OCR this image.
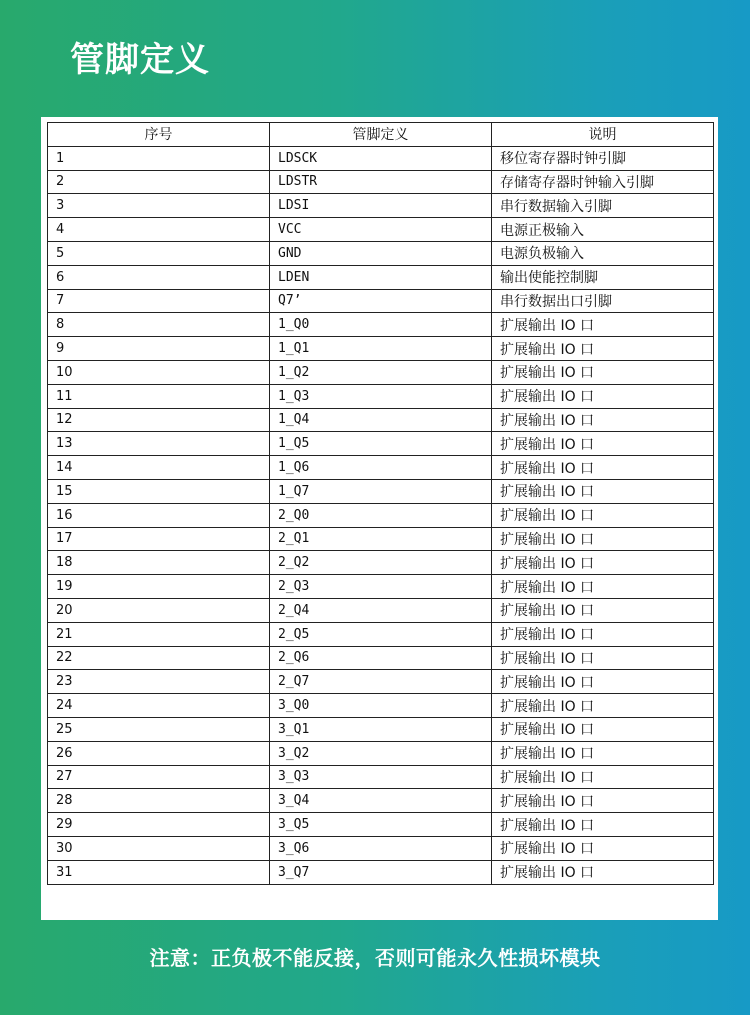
管脚定义
序号	管脚定义	说明
1	LDSCK	移位寄存器时钟引脚
2	LDSTR	存储寄存器时钟输入引脚
3	LDSI	串行数据输入引脚
4	VCC	电源正极输入
5	GND	电源负极输入
6	LDEN	输出使能控制脚
7	Q7’	串行数据出口引脚
8	1_Q0	扩展输出 IO 口
9	1_Q1	扩展输出 IO 口
10	1_Q2	扩展输出 IO 口
11	1_Q3	扩展输出 IO 口
12	1_Q4	扩展输出 IO 口
13	1_Q5	扩展输出 IO 口
14	1_Q6	扩展输出 IO 口
15	1_Q7	扩展输出 IO 口
16	2_Q0	扩展输出 IO 口
17	2_Q1	扩展输出 IO 口
18	2_Q2	扩展输出 IO 口
19	2_Q3	扩展输出 IO 口
20	2_Q4	扩展输出 IO 口
21	2_Q5	扩展输出 IO 口
22	2_Q6	扩展输出 IO 口
23	2_Q7	扩展输出 IO 口
24	3_Q0	扩展输出 IO 口
25	3_Q1	扩展输出 IO 口
26	3_Q2	扩展输出 IO 口
27	3_Q3	扩展输出 IO 口
28	3_Q4	扩展输出 IO 口
29	3_Q5	扩展输出 IO 口
30	3_Q6	扩展输出 IO 口
31	3_Q7	扩展输出 IO 口
注意：正负极不能反接，否则可能永久性损坏模块
